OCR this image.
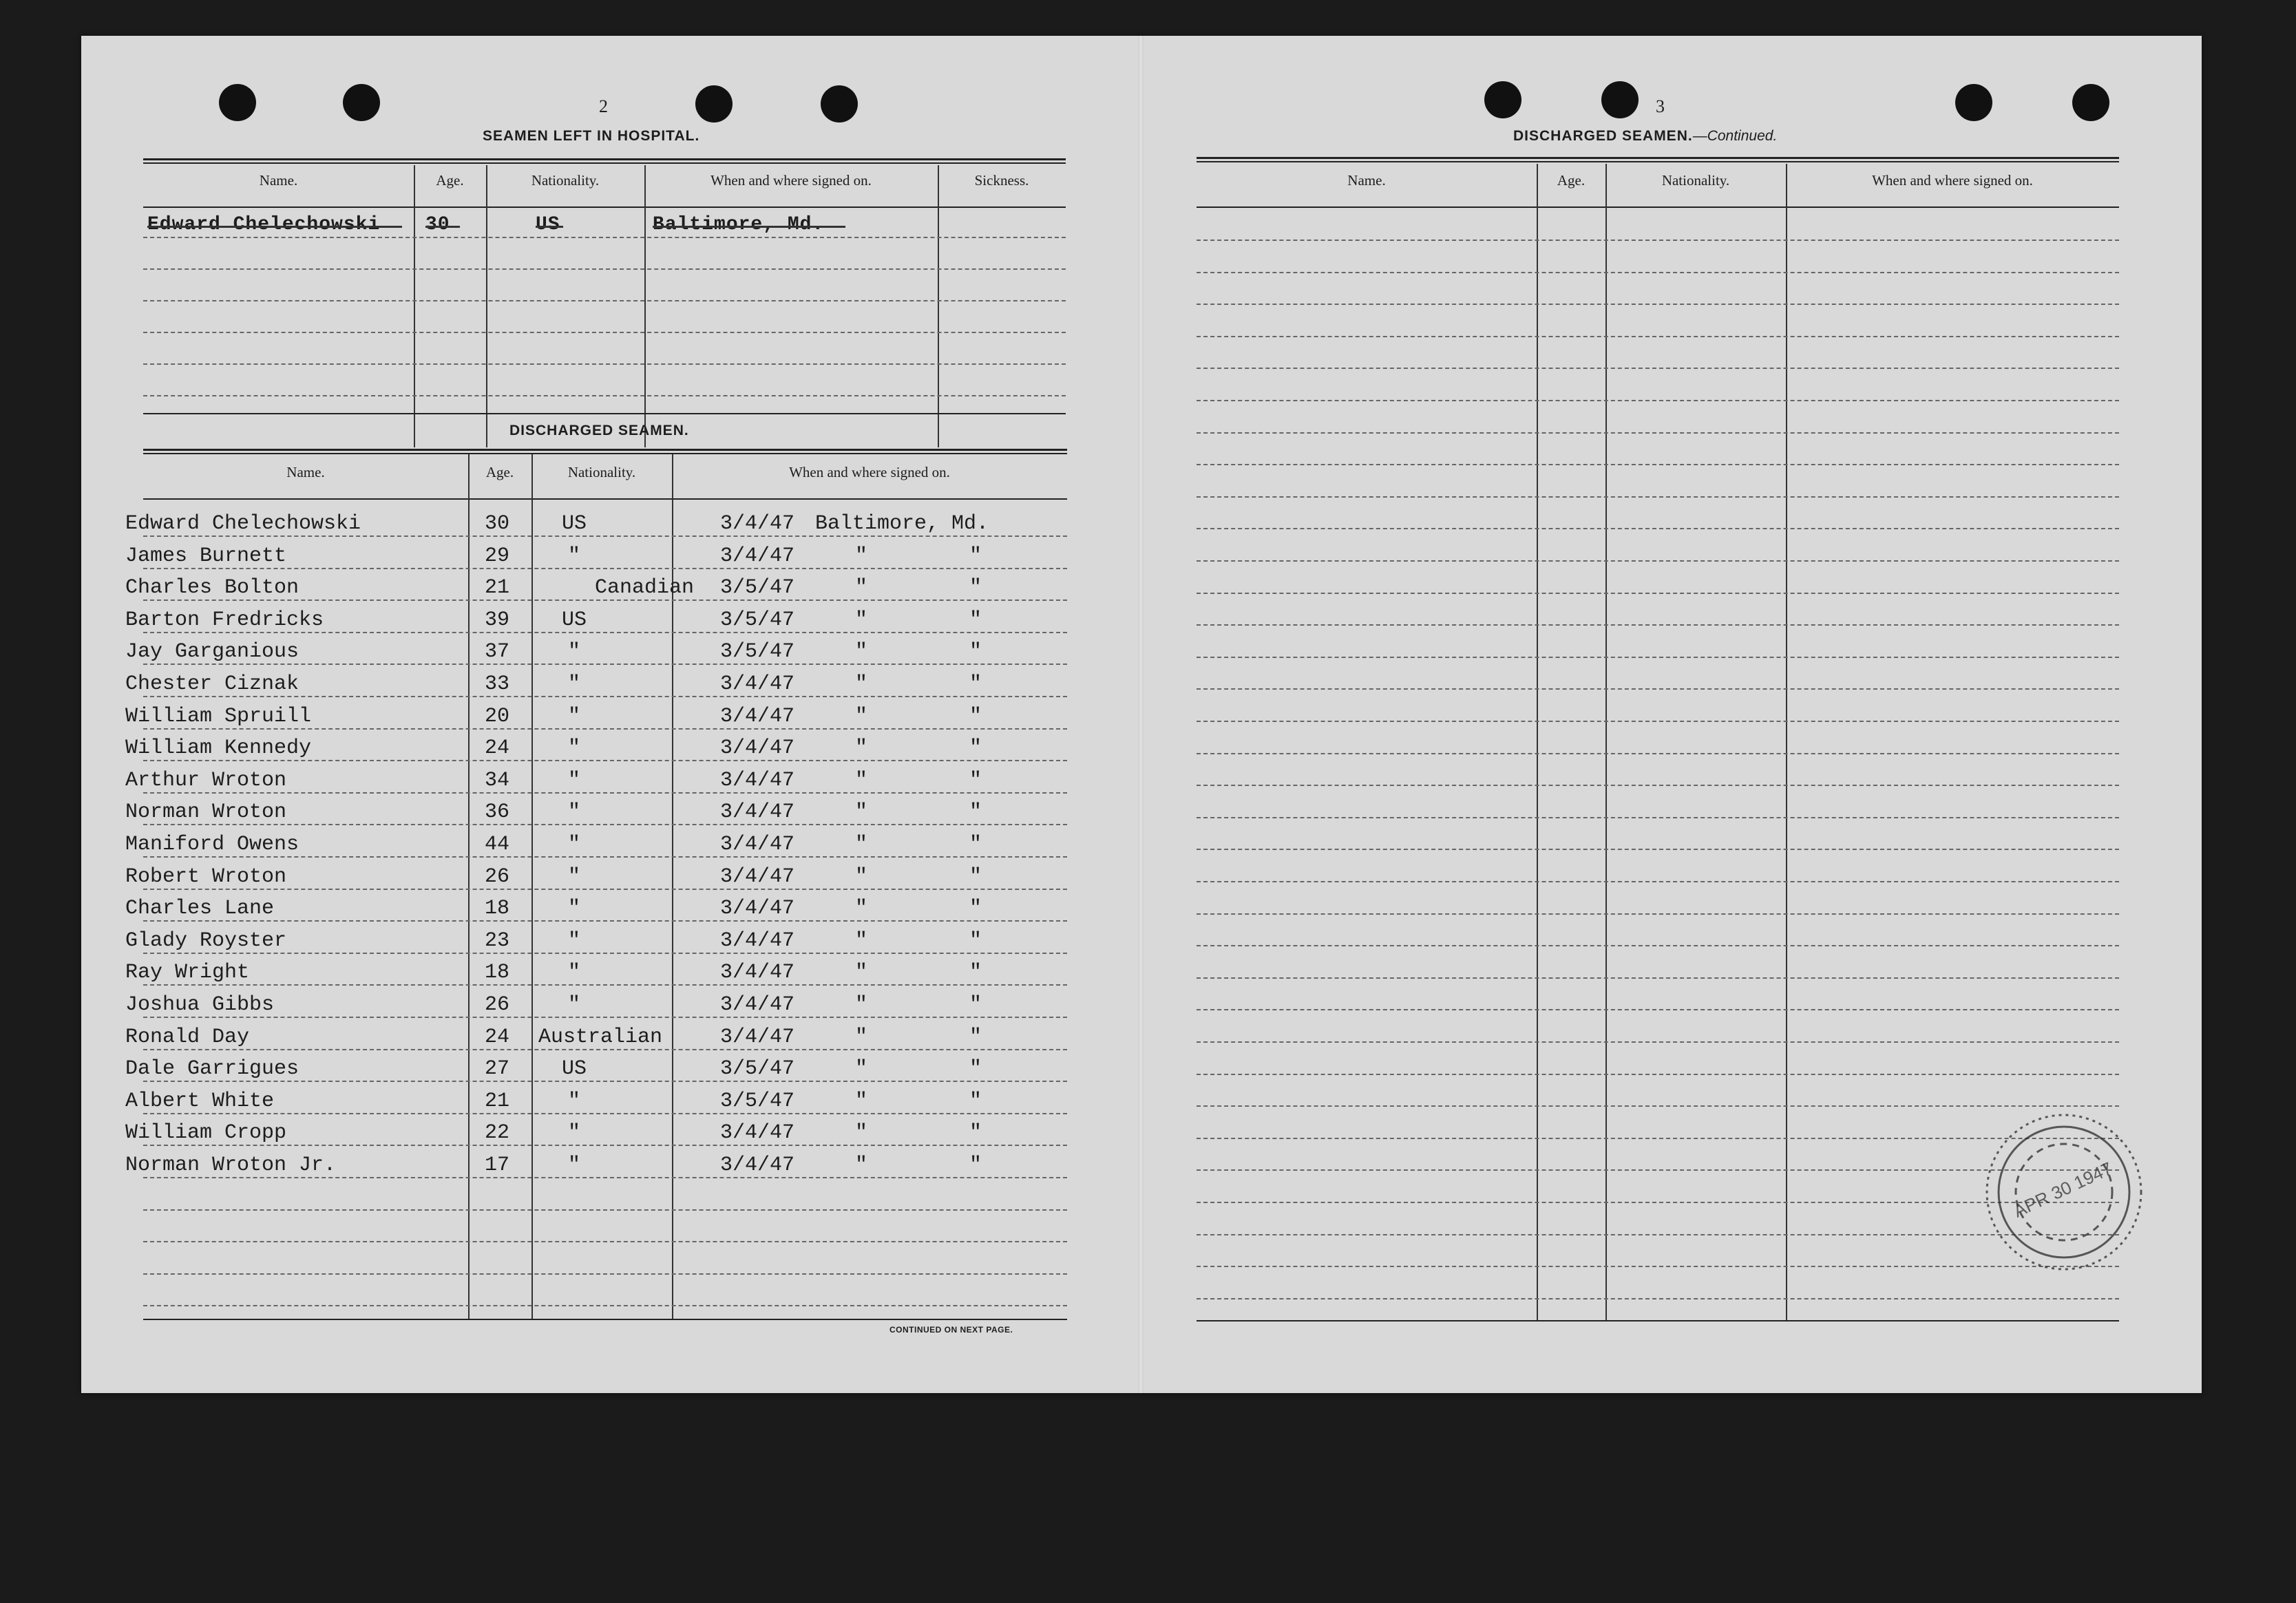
2
SEAMEN LEFT IN HOSPITAL.
Name.	Age.	Nationality.	When and where signed on.	Sickness.
Edward Chelechowski 30	US	Baltimore, Md.
DISCHARGED SEAMEN.
Name.	Age.	Nationality.	When and where signed on.
Edward Chelechowski	30	US	3/4/47 Baltimore, Md.
James Burnett	29	"	3/4/47	"	"
Charles Bolton	21	Canadian	3/5/47	"	"
Barton Fredricks	39	US	3/5/47	"	"
Jay Garganious	37	"	3/5/47	"	"
Chester Ciznak	33	"	3/4/47	"	"
William Spruill	20	"	3/4/47	"	"
William Kennedy	24	"	3/4/47	"	"
Arthur Wroton	34	"	3/4/47	"	"
Norman Wroton	36	"	3/4/47	"	"
Maniford Owens	44	"	3/4/47	"	"
Robert Wroton	26	"	3/4/47	"	"
Charles Lane	18	"	3/4/47	"	"
Glady Royster	23	"	3/4/47	"	"
Ray Wright	18	"	3/4/47	"	"
Joshua Gibbs	26	"	3/4/47	"	"
Ronald Day	24 Australian	3/4/47	"	"
Dale Garrigues	27	US	3/5/47	"	"
Albert White	21	"	3/5/47	"	"
William Cropp	22	"	3/4/47	"	"
Norman Wroton Jr.	17	"	3/4/47	"	"
CONTINUED ON NEXT PAGE.
3
DISCHARGED SEAMEN.—Continued.
Name.	Age.	Nationality.	When and where signed on.
APR 30 1947
